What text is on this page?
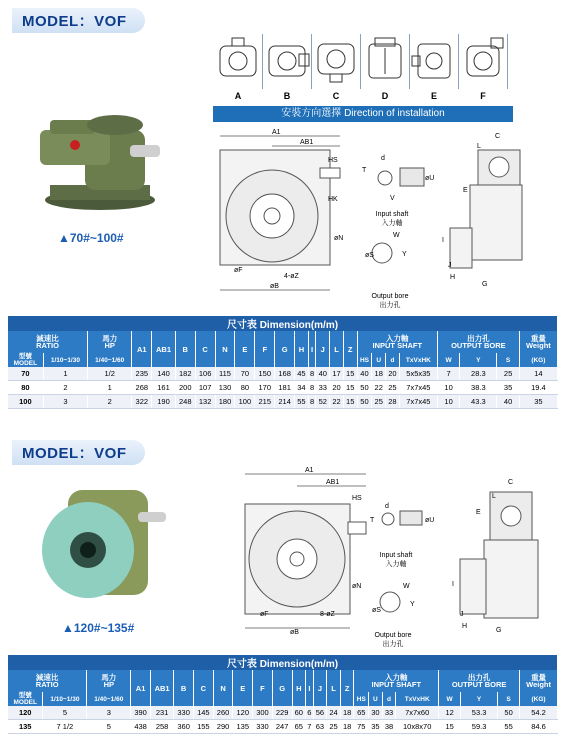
MODEL：VOF
▲70#~100#
A	B	C	D	E	F
安裝方向選擇 Direction of installation
A1
AB1
HS
HK
øN
øF
4-øZ
øB
d
T
øU
V
Input shaft
入力軸
W
øS	Y
Output bore
出力孔
C
L
E
I
J
H
G
尺寸表 Dimension(m/m)																							
減速比
RATIO		馬力
HP	A1	AB1	B	C	N	E	F	G	H	I	J	L	Z	入力軸
INPUT SHAFT				出力孔
OUTPUT BORE			重量
Weight
型號
MODEL	1/10~1/30	1/40~1/60														HS	U	d	TxVxHK	W	Y	S	(KG)
70	1	1/2	235	140	182	106	115	70	150	168	45	8	40	17	15	40	18	20	5x5x35	7	28.3	25	14
80	2	1	268	161	200	107	130	80	170	181	34	8	33	20	15	50	22	25	7x7x45	10	38.3	35	19.4
100	3	2	322	190	248	132	180	100	215	214	55	8	52	22	15	50	25	28	7x7x45	10	43.3	40	35
MODEL：VOF
▲120#~135#
A1
AB1
HS
øN
øF	8-øZ
øB
d
T	øU
Input shaft
入力軸
W
øS
Y
Output bore
出力孔
C
L
E
I
J
H
G
尺寸表 Dimension(m/m)																							
減速比
RATIO		馬力
HP	A1	AB1	B	C	N	E	F	G	H	I	J	L	Z	入力軸
INPUT SHAFT				出力孔
OUTPUT BORE			重量
Weight
型號
MODEL	1/10~1/30	1/40~1/60														HS	U	d	TxVxHK	W	Y	S	(KG)
120	5	3	390	231	330	145	260	120	300	229	60	6	56	24	18	65	30	33	7x7x60	12	53.3	50	54.2
135	7 1/2	5	438	258	360	155	290	135	330	247	65	7	63	25	18	75	35	38	10x8x70	15	59.3	55	84.6
